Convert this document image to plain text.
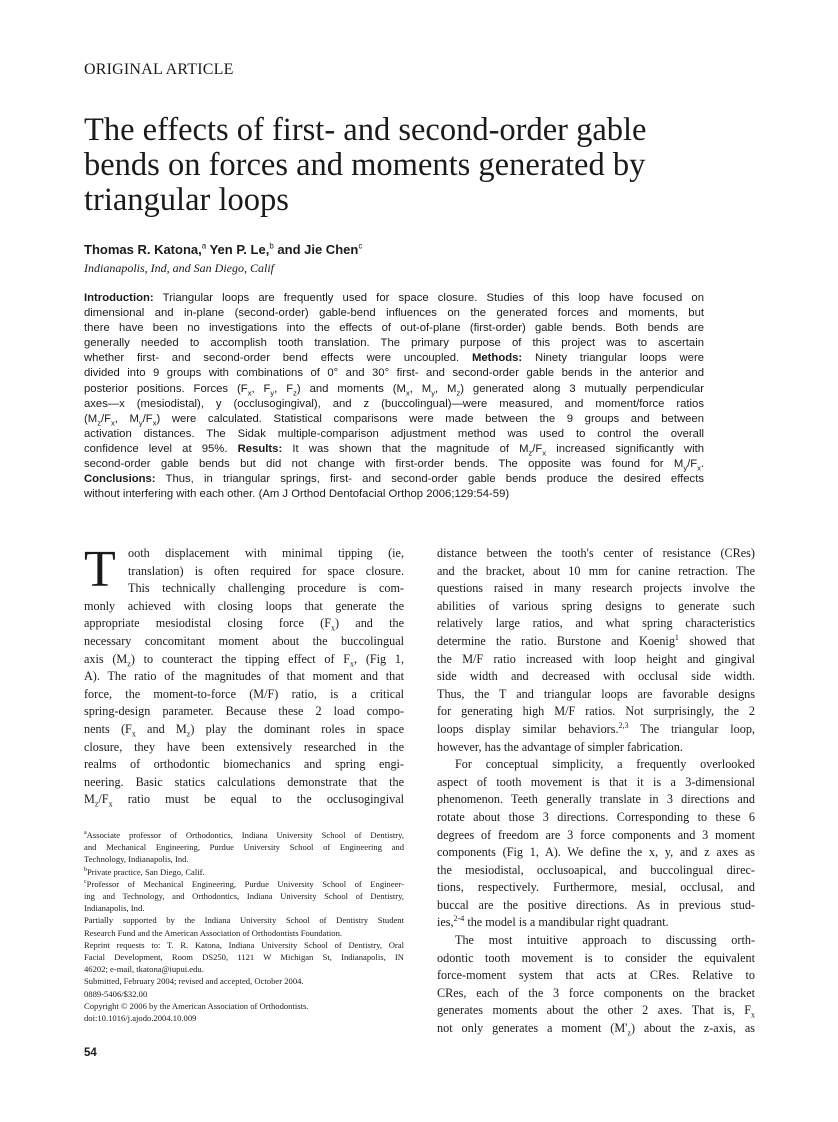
ORIGINAL ARTICLE
The effects of first- and second-order gable
bends on forces and moments generated by
triangular loops
Thomas R. Katona,$^a$ Yen P. Le,$^b$ and Jie Chen$^c$
Indianapolis, Ind, and San Diego, Calif
Introduction: Triangular loops are frequently used for space closure. Studies of this loop have focused on
dimensional and in-plane (second-order) gable-bend influences on the generated forces and moments, but
there have been no investigations into the effects of out-of-plane (first-order) gable bends. Both bends are
generally needed to accomplish tooth translation. The primary purpose of this project was to ascertain
whether first- and second-order bend effects were uncoupled. Methods: Ninety triangular loops were
divided into 9 groups with combinations of 0° and 30° first- and second-order gable bends in the anterior and
posterior positions. Forces ($F_x$, $F_y$, $F_z$) and moments ($M_x$, $M_y$, $M_z$) generated along 3 mutually perpendicular
axes—x (mesiodistal), y (occlusogingival), and z (buccolingual)—were measured, and moment/force ratios
($M_z/F_x$, $M_y/F_x$) were calculated. Statistical comparisons were made between the 9 groups and between
activation distances. The Sidak multiple-comparison adjustment method was used to control the overall
confidence level at 95%. Results: It was shown that the magnitude of $M_z/F_x$ increased significantly with
second-order gable bends but did not change with first-order bends. The opposite was found for $M_y/F_x$.
Conclusions: Thus, in triangular springs, first- and second-order gable bends produce the desired effects
without interfering with each other. (Am J Orthod Dentofacial Orthop 2006;129:54-59)
T	ooth displacement with minimal tipping (ie,
translation) is often required for space closure.
This technically challenging procedure is com-
monly achieved with closing loops that generate the
appropriate mesiodistal closing force $(F_x)$ and the
necessary concomitant moment about the buccolingual
axis $(M_z)$ to counteract the tipping effect of $F_x$, (Fig 1,
A). The ratio of the magnitudes of that moment and that
force, the moment-to-force (M/F) ratio, is a critical
spring-design parameter. Because these 2 load compo-
nents ($F_x$ and $M_z$) play the dominant roles in space
closure, they have been extensively researched in the
realms of orthodontic biomechanics and spring engi-
neering. Basic statics calculations demonstrate that the
$M_z/F_x$ ratio must be equal to the occlusogingival
$^a$Associate professor of Orthodontics, Indiana University School of Dentistry,
and Mechanical Engineering, Purdue University School of Engineering and
Technology, Indianapolis, Ind.
$^b$Private practice, San Diego, Calif.
$^c$Professor of Mechanical Engineering, Purdue University School of Engineer-
ing and Technology, and Orthodontics, Indiana University School of Dentistry,
Indianapolis, Ind.
Partially supported by the Indiana University School of Dentistry Student
Research Fund and the American Association of Orthodontists Foundation.
Reprint requests to: T. R. Katona, Indiana University School of Dentistry, Oral
Facial Development, Room DS250, 1121 W Michigan St, Indianapolis, IN
46202; e-mail, tkatona@iupui.edu.
Submitted, February 2004; revised and accepted, October 2004.
0889-5406/$32.00
Copyright © 2006 by the American Association of Orthodontists.
doi:10.1016/j.ajodo.2004.10.009
distance between the tooth's center of resistance (CRes)
and the bracket, about 10 mm for canine retraction. The
questions raised in many research projects involve the
abilities of various spring designs to generate such
relatively large ratios, and what spring characteristics
determine the ratio. Burstone and Koenig$^1$ showed that
the M/F ratio increased with loop height and gingival
side width and decreased with occlusal side width.
Thus, the T and triangular loops are favorable designs
for generating high M/F ratios. Not surprisingly, the 2
loops display similar behaviors.$^{2,3}$ The triangular loop,
however, has the advantage of simpler fabrication.
For conceptual simplicity, a frequently overlooked
aspect of tooth movement is that it is a 3-dimensional
phenomenon. Teeth generally translate in 3 directions and
rotate about those 3 directions. Corresponding to these 6
degrees of freedom are 3 force components and 3 moment
components (Fig 1, A). We define the x, y, and z axes as
the mesiodistal, occlusoapical, and buccolingual direc-
tions, respectively. Furthermore, mesial, occlusal, and
buccal are the positive directions. As in previous stud-
ies,$^{2-4}$ the model is a mandibular right quadrant.
The most intuitive approach to discussing orth-
odontic tooth movement is to consider the equivalent
force-moment system that acts at CRes. Relative to
CRes, each of the 3 force components on the bracket
generates moments about the other 2 axes. That is, $F_x$
not only generates a moment $(M'_z)$ about the z-axis, as
54
